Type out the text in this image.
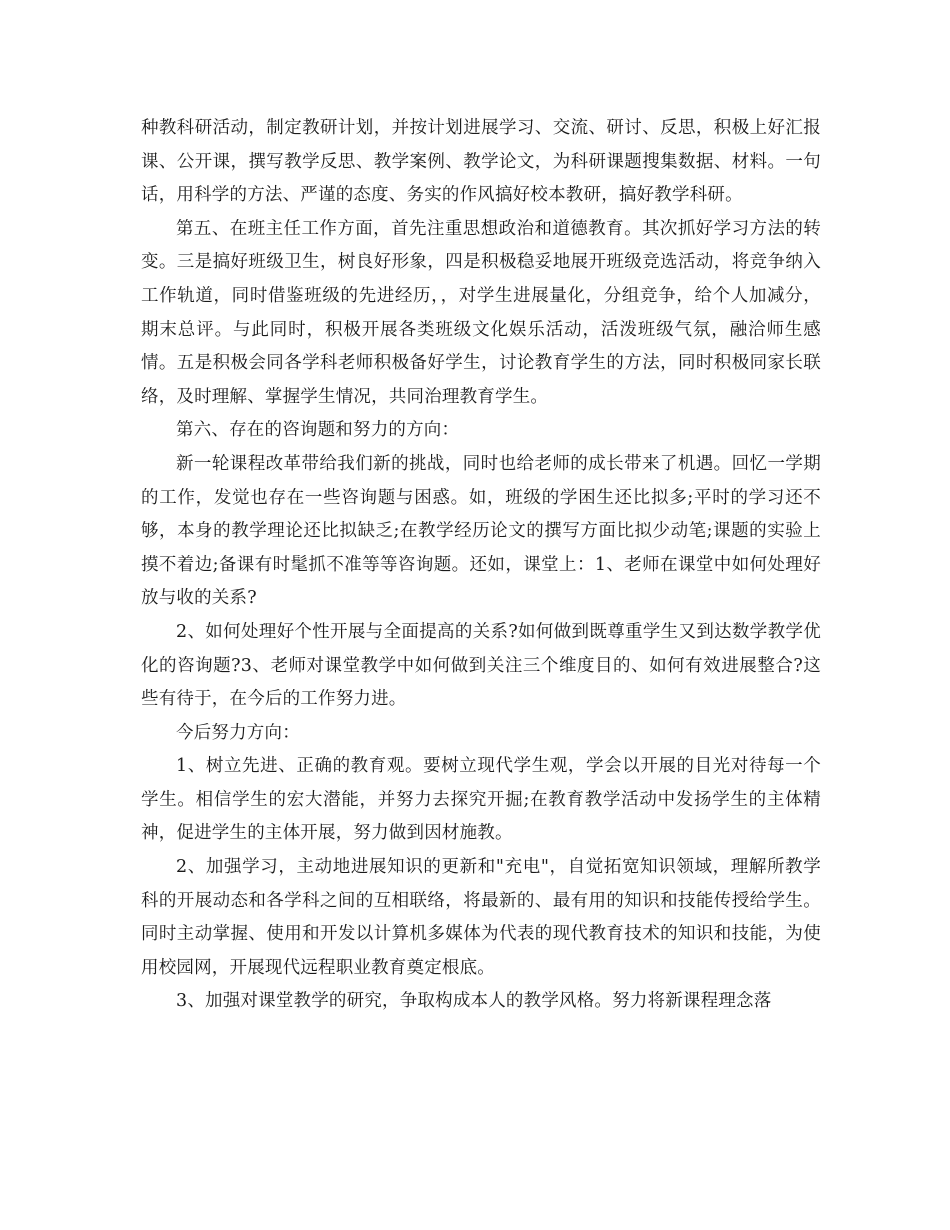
种教科研活动，制定教研计划，并按计划进展学习、交流、研讨、反思，积极上好汇报课、公开课，撰写教学反思、教学案例、教学论文，为科研课题搜集数据、材料。一句话，用科学的方法、严谨的态度、务实的作风搞好校本教研，搞好教学科研。

第五、在班主任工作方面，首先注重思想政治和道德教育。其次抓好学习方法的转变。三是搞好班级卫生，树良好形象，四是积极稳妥地展开班级竞选活动，将竞争纳入工作轨道，同时借鉴班级的先进经历，，对学生进展量化，分组竞争，给个人加减分，期末总评。与此同时，积极开展各类班级文化娱乐活动，活泼班级气氛，融洽师生感情。五是积极会同各学科老师积极备好学生，讨论教育学生的方法，同时积极同家长联络，及时理解、掌握学生情况，共同治理教育学生。

第六、存在的咨询题和努力的方向：

新一轮课程改革带给我们新的挑战，同时也给老师的成长带来了机遇。回忆一学期的工作，发觉也存在一些咨询题与困惑。如，班级的学困生还比拟多;平时的学习还不够，本身的教学理论还比拟缺乏;在教学经历论文的撰写方面比拟少动笔;课题的实验上摸不着边;备课有时髦抓不准等等咨询题。还如，课堂上：1、老师在课堂中如何处理好放与收的关系?

2、如何处理好个性开展与全面提高的关系?如何做到既尊重学生又到达数学教学优化的咨询题?3、老师对课堂教学中如何做到关注三个维度目的、如何有效进展整合?这些有待于，在今后的工作努力进。

今后努力方向：

1、树立先进、正确的教育观。要树立现代学生观，学会以开展的目光对待每一个学生。相信学生的宏大潜能，并努力去探究开掘;在教育教学活动中发扬学生的主体精神，促进学生的主体开展，努力做到因材施教。

2、加强学习，主动地进展知识的更新和"充电"，自觉拓宽知识领域，理解所教学科的开展动态和各学科之间的互相联络，将最新的、最有用的知识和技能传授给学生。同时主动掌握、使用和开发以计算机多媒体为代表的现代教育技术的知识和技能，为使用校园网，开展现代远程职业教育奠定根底。

3、加强对课堂教学的研究，争取构成本人的教学风格。努力将新课程理念落
